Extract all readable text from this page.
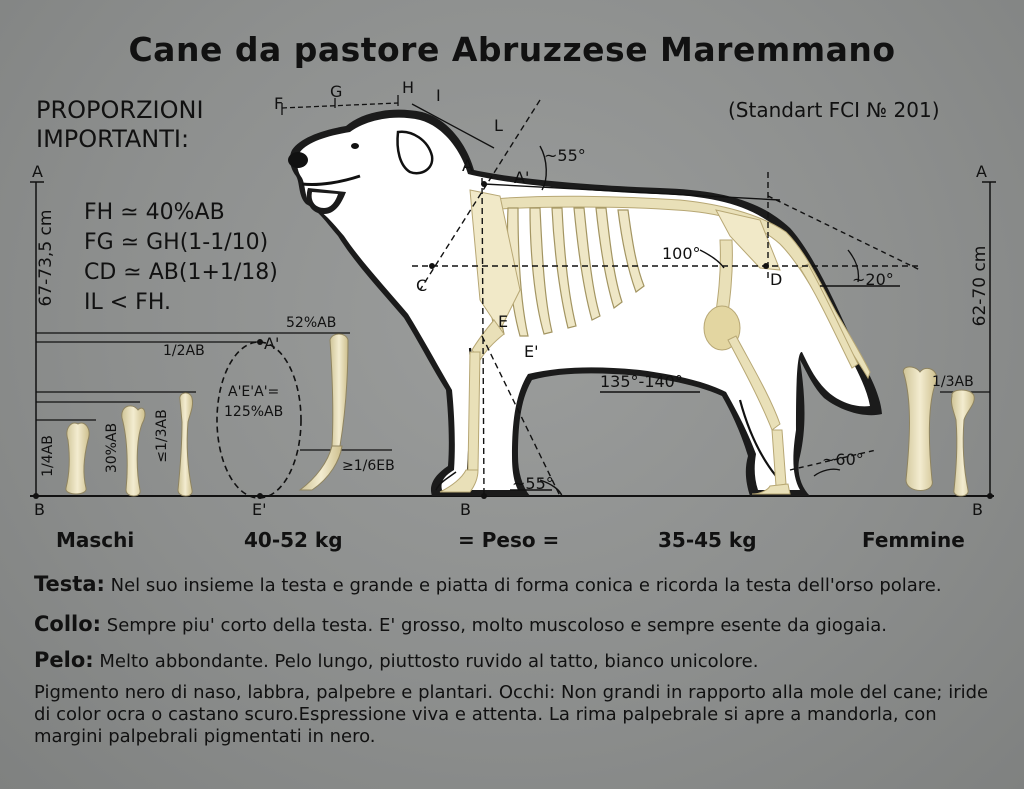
Cane da pastore Abruzzese Maremmano
PROPORZIONI
IMPORTANTI:
(Standart FCI № 201)
FH ≃ 40%AB
FG ≃ GH(1-1/10)
CD ≃ AB(1+1/18)
IL < FH.
67-73,5 cm	62-70 cm
1/4AB	30%AB ≤1/3AB
1/2AB
52%AB
A'E'A'=
125%AB
≥1/6EB
1/3AB
~55°
~20°
100°
135°-140°
~55°
~60°
A
B
A
B
A'
E'	B
A
A'
C	D
E
E'
F
G	H I
L
Maschi	40-52 kg	= Peso =	35-45 kg	Femmine
Testa: Nel suo insieme la testa e grande e piatta di forma conica e ricorda la testa dell'orso polare.
Collo: Sempre piu' corto della testa. E' grosso, molto muscoloso e sempre esente da giogaia.
Pelo: Melto abbondante. Pelo lungo, piuttosto ruvido al tatto, bianco unicolore.
Pigmento nero di naso, labbra, palpebre e plantari. Occhi: Non grandi in rapporto alla mole del cane; iride di color ocra o castano scuro.Espressione viva e attenta. La rima palpebrale si apre a mandorla, con margini palpebrali pigmentati in nero.
